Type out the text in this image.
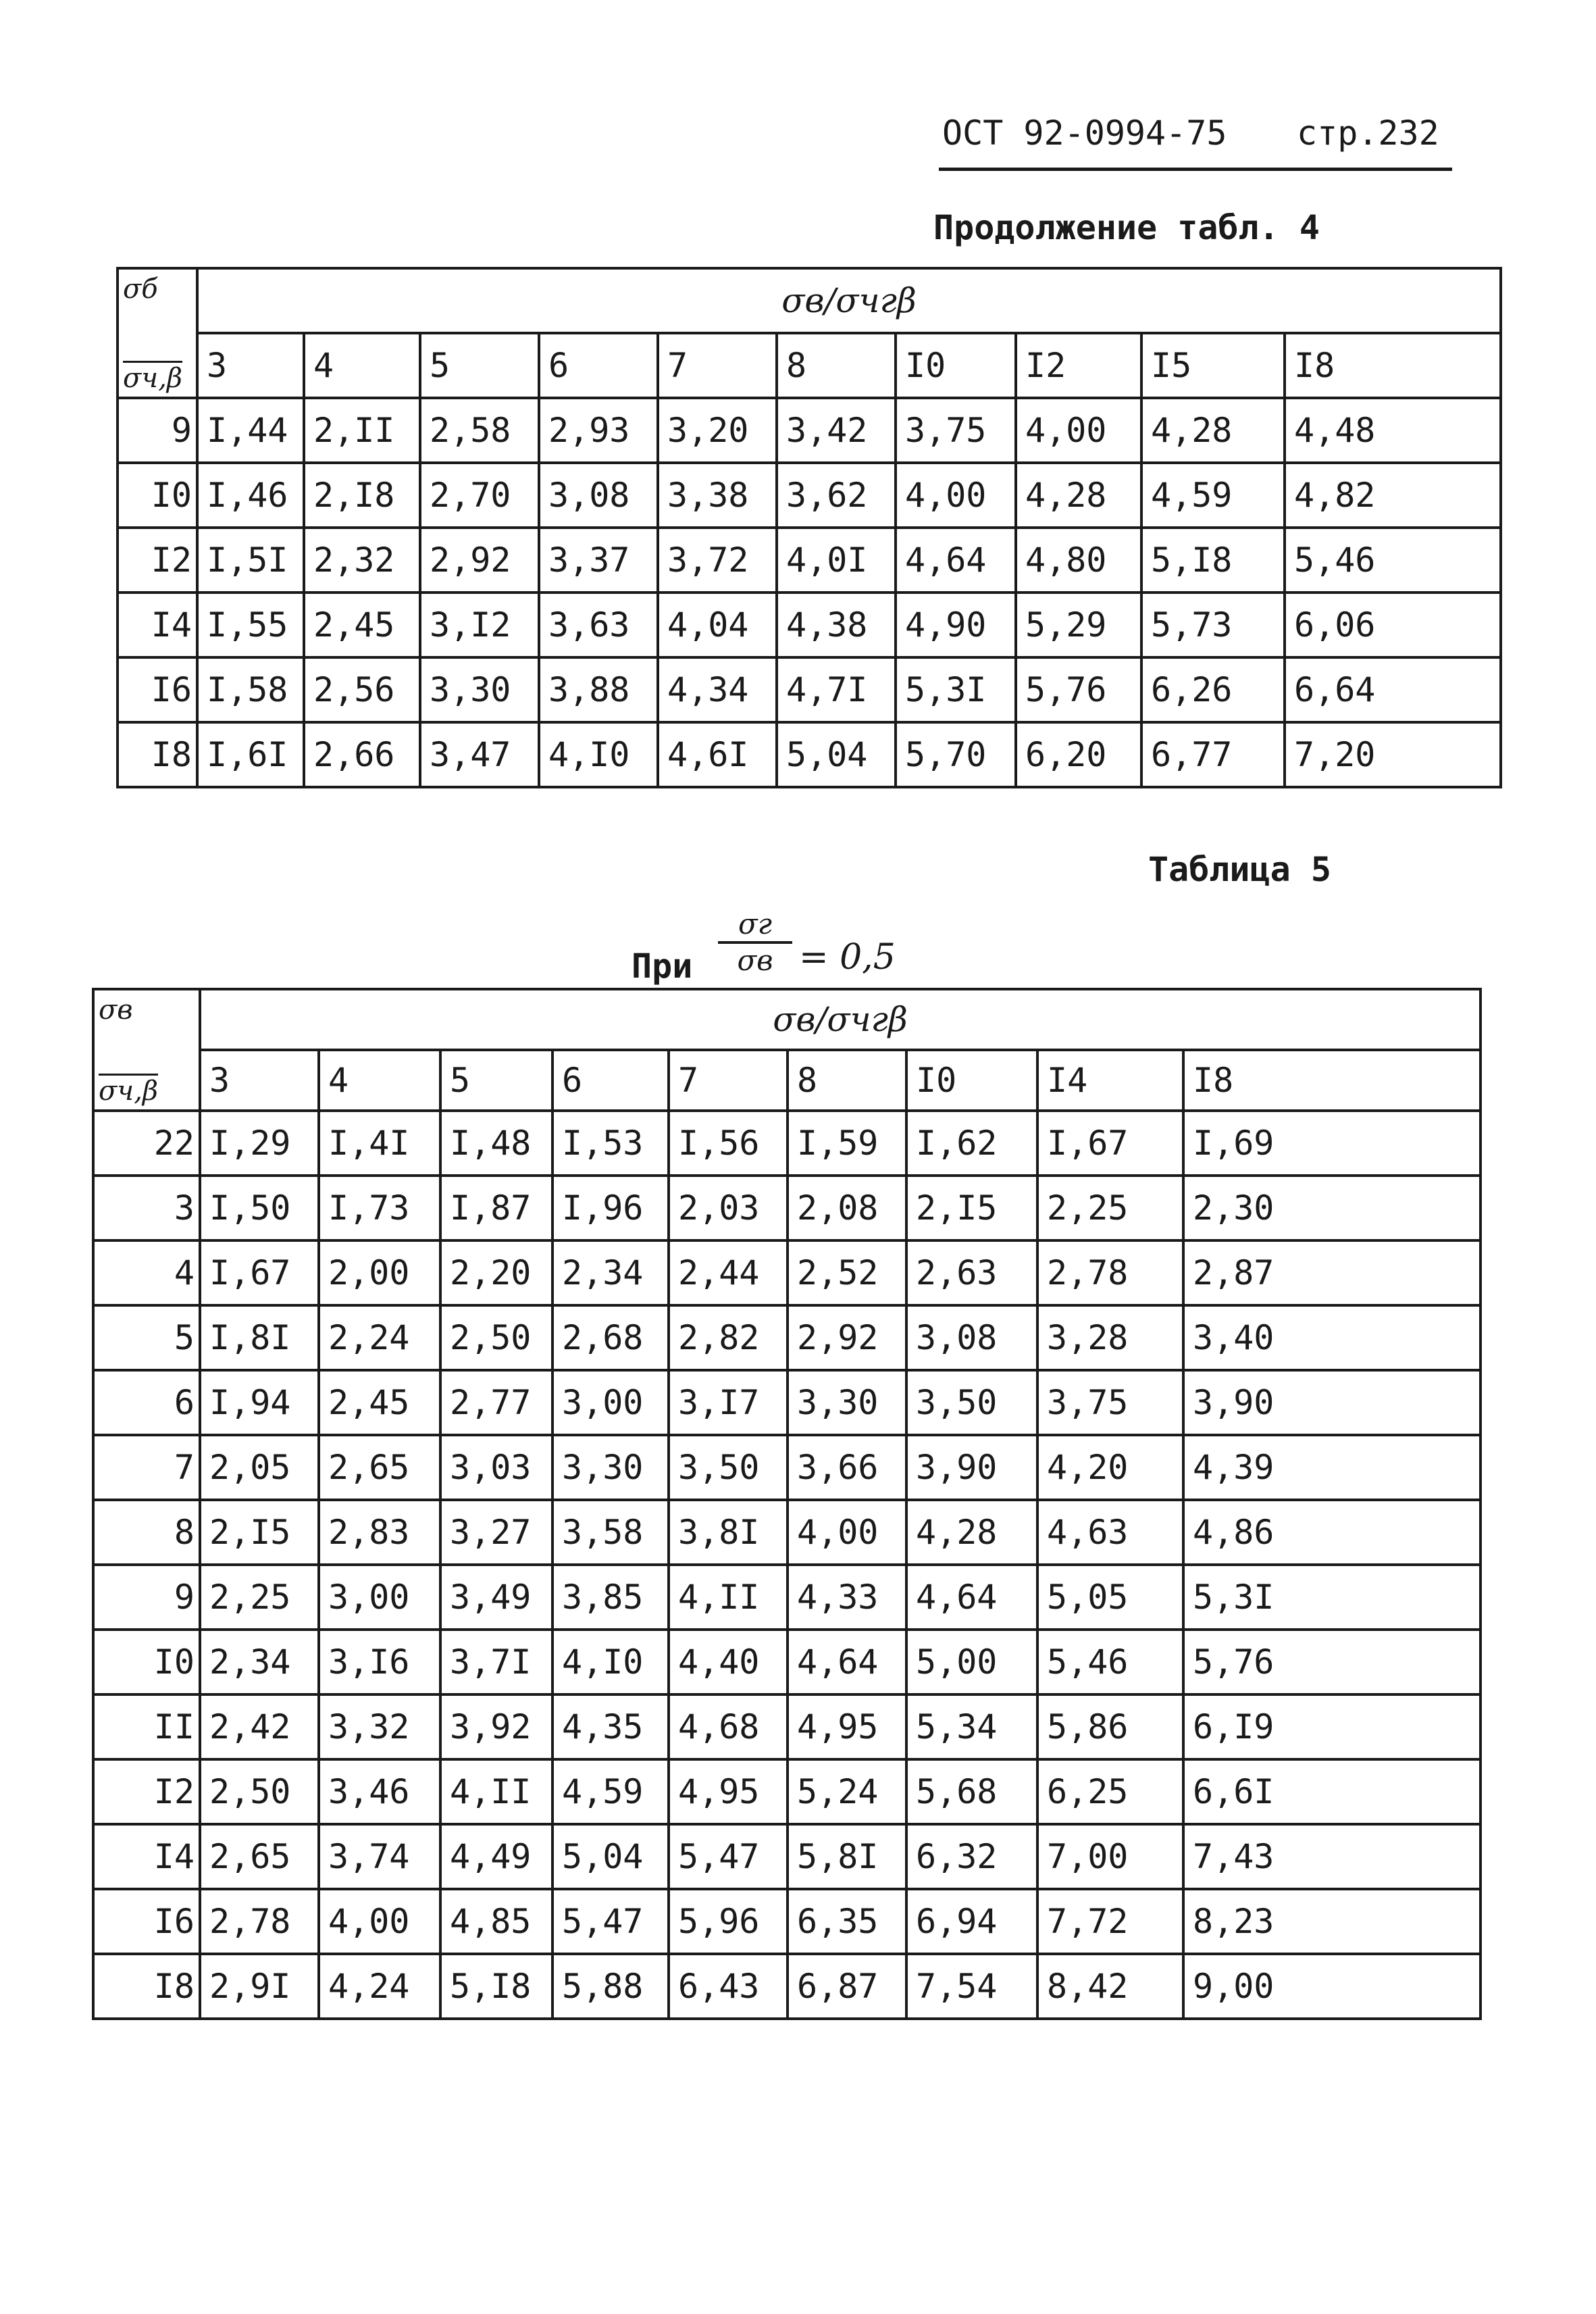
ОСТ 92-0994-75 стр.232
Продолжение табл. 4
σб
σч,β	σв/σчгβ									
	3	4	5	6	7	8	I0	I2	I5	I8
9	I,44	2,II	2,58	2,93	3,20	3,42	3,75	4,00	4,28	4,48
I0	I,46	2,I8	2,70	3,08	3,38	3,62	4,00	4,28	4,59	4,82
I2	I,5I	2,32	2,92	3,37	3,72	4,0I	4,64	4,80	5,I8	5,46
I4	I,55	2,45	3,I2	3,63	4,04	4,38	4,90	5,29	5,73	6,06
I6	I,58	2,56	3,30	3,88	4,34	4,7I	5,3I	5,76	6,26	6,64
I8	I,6I	2,66	3,47	4,I0	4,6I	5,04	5,70	6,20	6,77	7,20
Таблица 5
При
σг
σв = 0,5
σв
σч,β	σв/σчгβ								
	3	4	5	6	7	8	I0	I4	I8
22	I,29	I,4I	I,48	I,53	I,56	I,59	I,62	I,67	I,69
3	I,50	I,73	I,87	I,96	2,03	2,08	2,I5	2,25	2,30
4	I,67	2,00	2,20	2,34	2,44	2,52	2,63	2,78	2,87
5	I,8I	2,24	2,50	2,68	2,82	2,92	3,08	3,28	3,40
6	I,94	2,45	2,77	3,00	3,I7	3,30	3,50	3,75	3,90
7	2,05	2,65	3,03	3,30	3,50	3,66	3,90	4,20	4,39
8	2,I5	2,83	3,27	3,58	3,8I	4,00	4,28	4,63	4,86
9	2,25	3,00	3,49	3,85	4,II	4,33	4,64	5,05	5,3I
I0	2,34	3,I6	3,7I	4,I0	4,40	4,64	5,00	5,46	5,76
II	2,42	3,32	3,92	4,35	4,68	4,95	5,34	5,86	6,I9
I2	2,50	3,46	4,II	4,59	4,95	5,24	5,68	6,25	6,6I
I4	2,65	3,74	4,49	5,04	5,47	5,8I	6,32	7,00	7,43
I6	2,78	4,00	4,85	5,47	5,96	6,35	6,94	7,72	8,23
I8	2,9I	4,24	5,I8	5,88	6,43	6,87	7,54	8,42	9,00
